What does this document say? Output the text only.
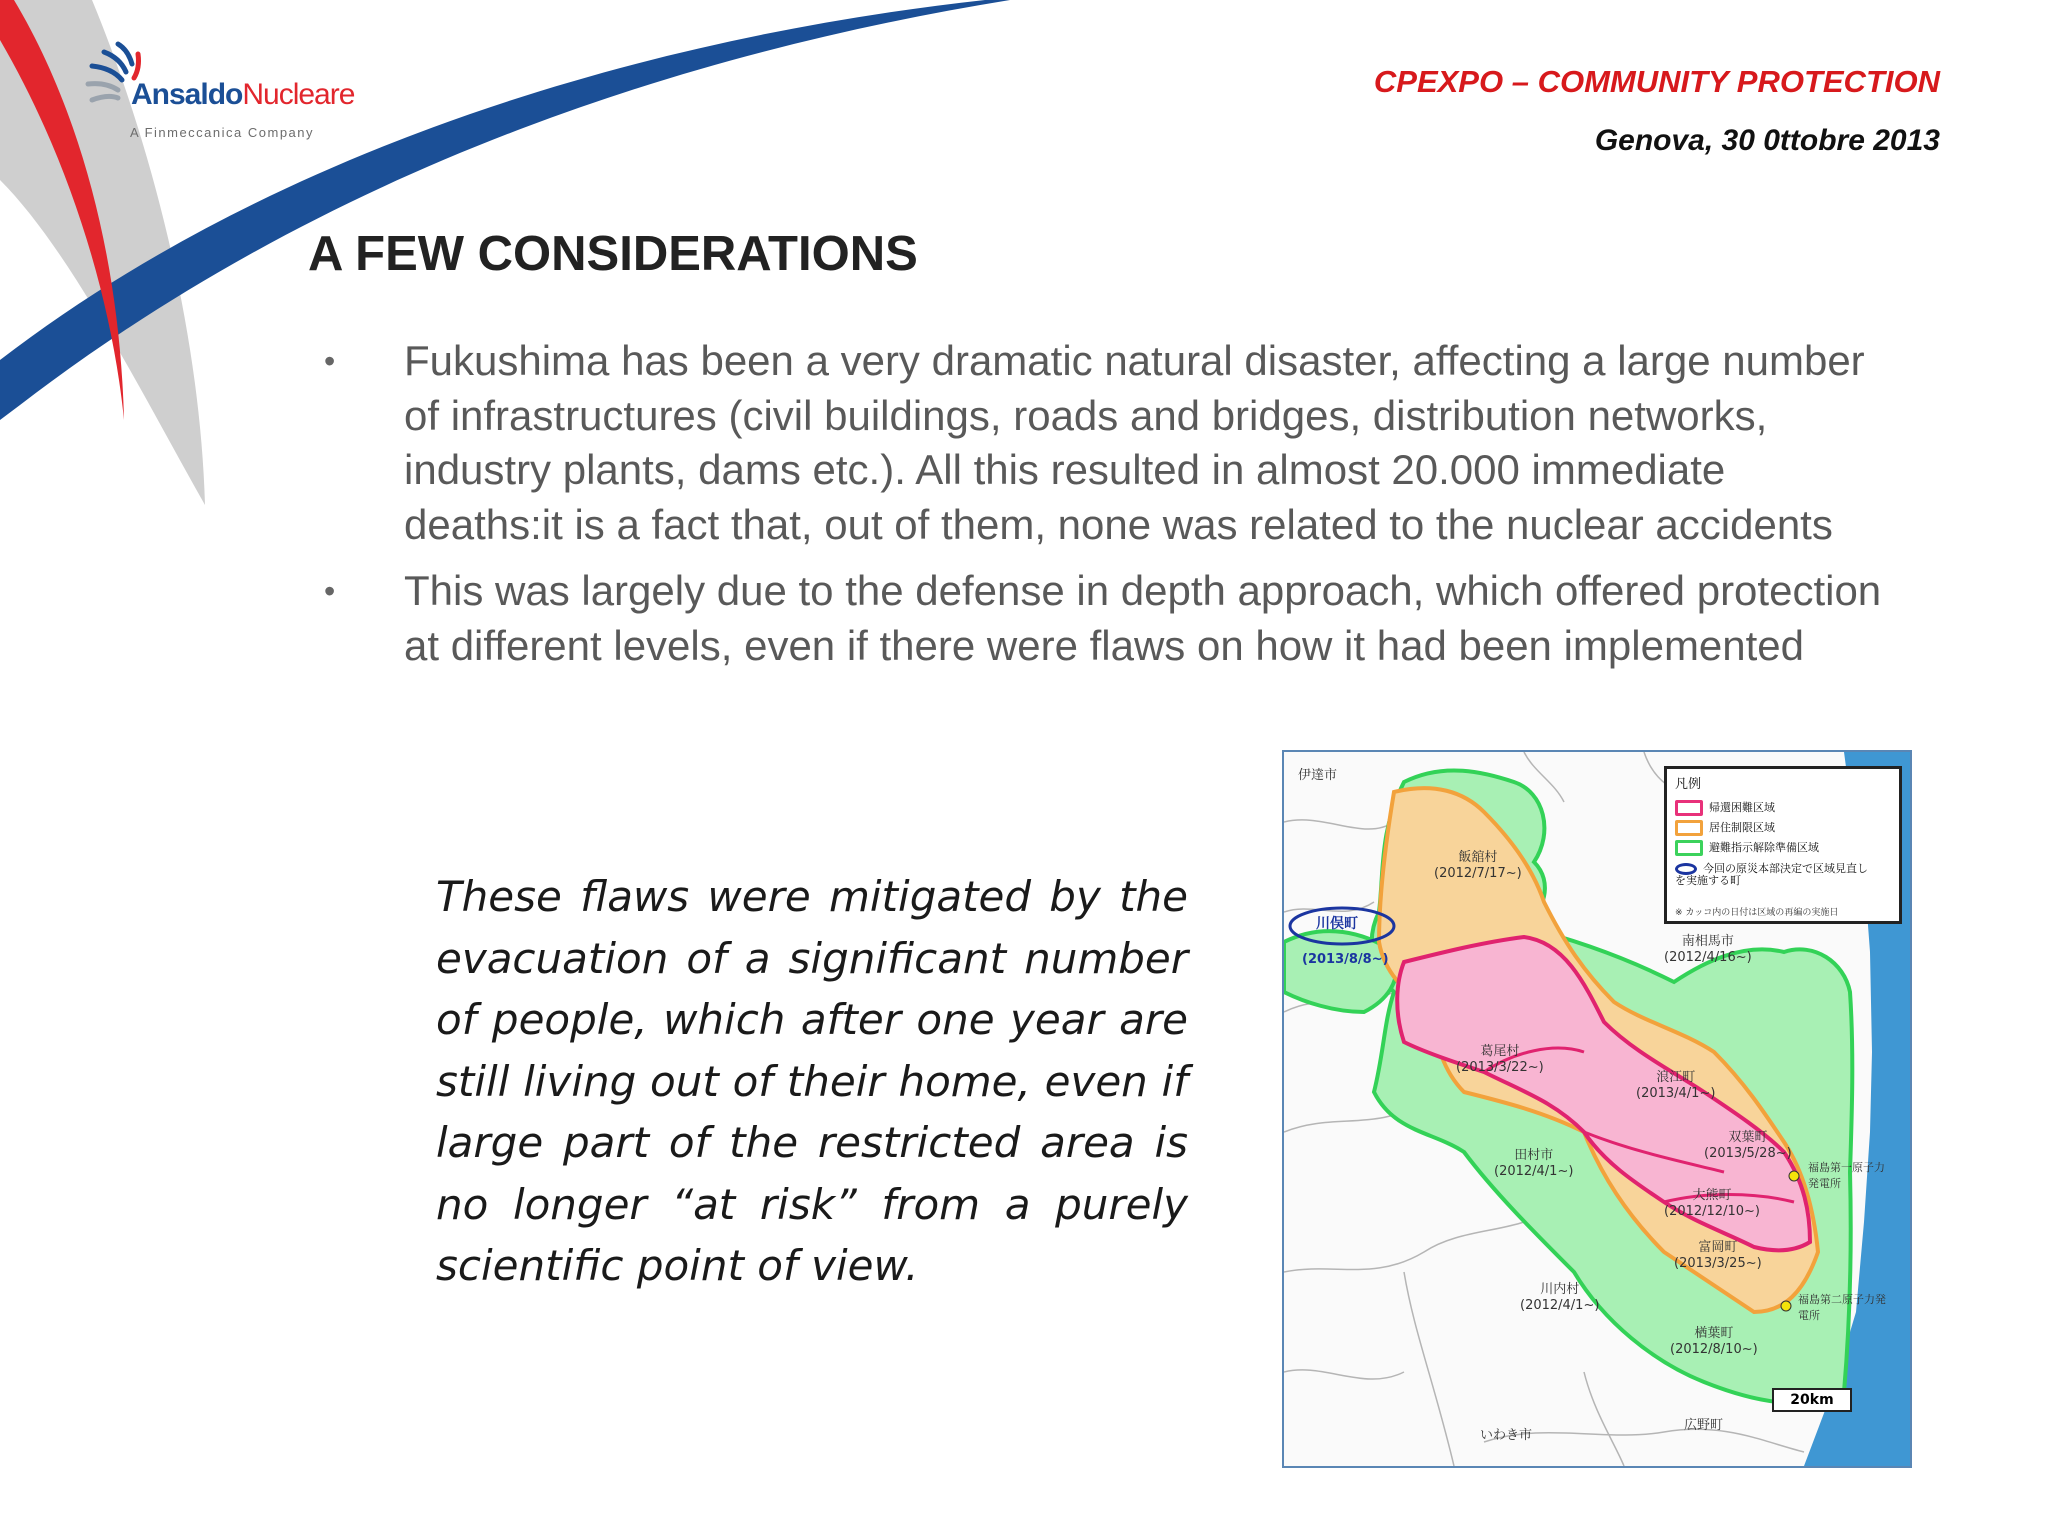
AnsaldoNucleare
A Finmeccanica Company
CPEXPO – COMMUNITY PROTECTION
Genova, 30 0ttobre 2013
A FEW CONSIDERATIONS
• Fukushima has been a very dramatic natural disaster, affecting a large number of infrastructures (civil buildings, roads and bridges, distribution networks, industry plants, dams etc.). All this resulted in almost 20.000 immediate deaths:it is a fact that, out of them, none was related to the nuclear accidents
• This was largely due to the defense in depth approach, which offered protection at different levels, even if there were flaws on how it had been implemented

These flaws were mitigated by the evacuation of a significant number of people, which after one year are still living out of their home, even if large part of the restricted area is no longer “at risk” from a purely scientific point of view.

伊達市
飯舘村
(2012/7/17~)
川俣町
(2013/8/8~)
南相馬市
(2012/4/16~)
葛尾村
(2013/3/22~)
浪江町
(2013/4/1~)
双葉町
(2013/5/28~)
田村市
(2012/4/1~)
大熊町
(2012/12/10~)
富岡町
(2013/3/25~)
川内村
(2012/4/1~)
楢葉町
(2012/8/10~)
福島第一原子力発電所
福島第二原子力発電所
いわき市
広野町
凡例
帰還困難区域
居住制限区域
避難指示解除準備区域
今回の原災本部決定で区域見直しを実施する町
※ カッコ内の日付は区域の再編の実施日
20km
